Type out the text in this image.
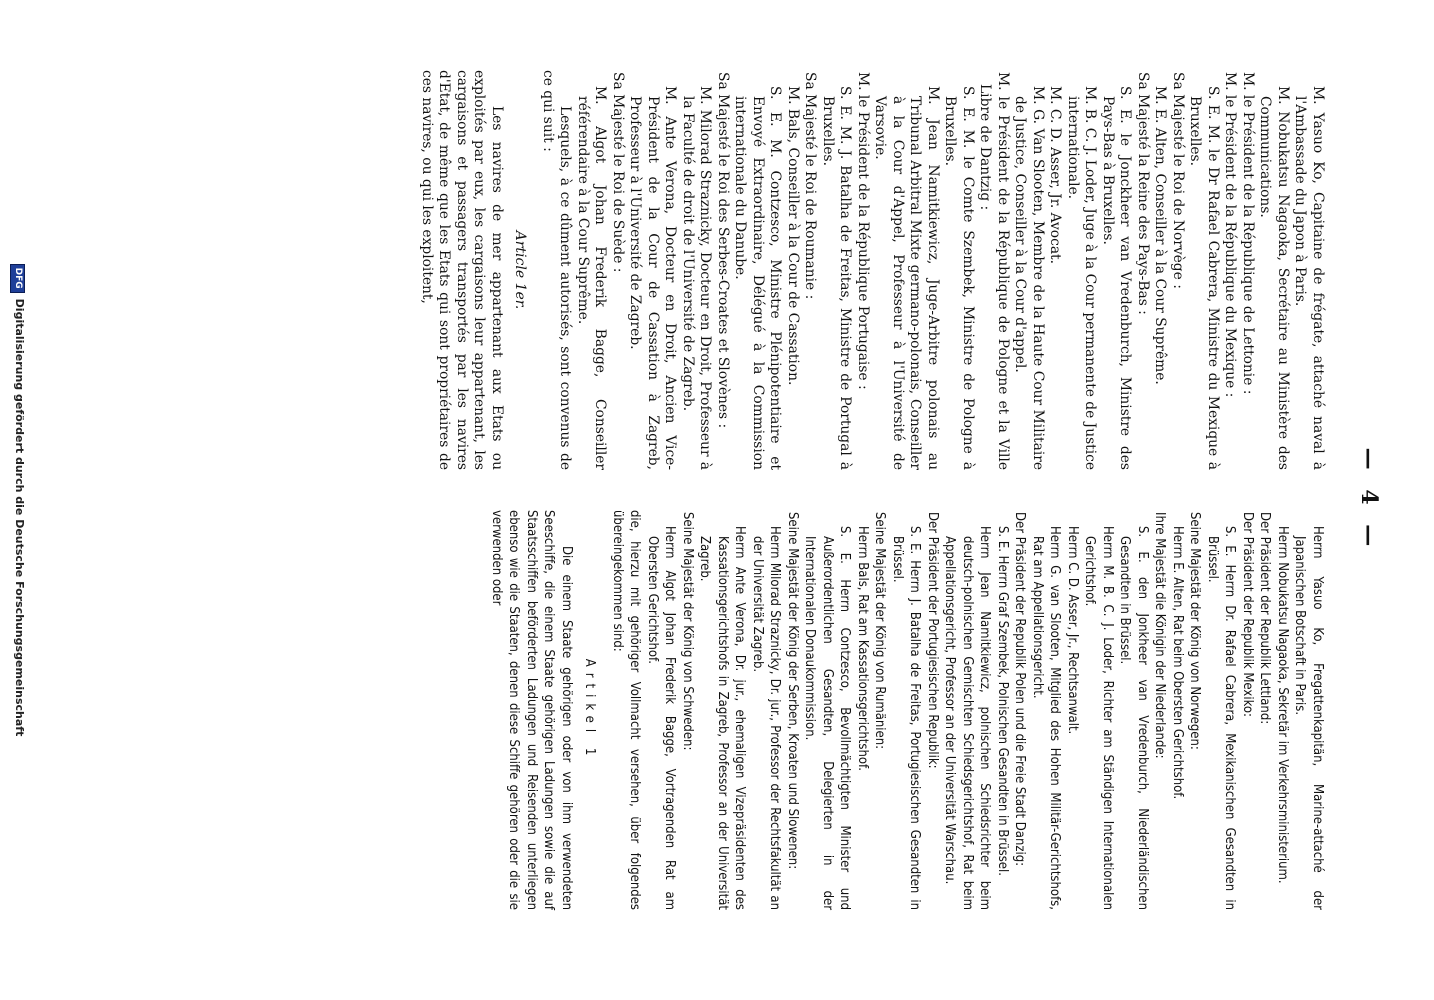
— 4 —

M. Yasuo Ko, Capitaine de frégate, attaché naval à l'Ambassade du Japon à Paris.

M. Nobukatsu Nagaoka, Secrétaire au Ministère des Communications.

M. le Président de la République de Lettonie :

M. le Président de la République du Mexique :

S. E. M. le Dr Rafael Cabrera, Ministre du Mexique à Bruxelles.

Sa Majesté le Roi de Norvège :

M. E. Alten, Conseiller à la Cour Suprême.

Sa Majesté la Reine des Pays-Bas :

S. E. le Jonckheer van Vredenburch, Ministre des Pays-Bas à Bruxelles.

M. B. C. J. Loder, Juge à la Cour permanente de Justice internationale.

M. C. D. Asser, Jr. Avocat.

M. G. Van Slooten, Membre de la Haute Cour Militaire de Justice, Conseiller à la Cour d'appel.

M. le Président de la République de Pologne et la Ville Libre de Dantzig :

S. E. M. le Comte Szembek, Ministre de Pologne à Bruxelles.

M. Jean Namitkiewicz, Juge-Arbitre polonais au Tribunal Arbitral Mixte germano-polonais, Conseiller à la Cour d'Appel, Professeur à l'Université de Varsovie.

M. le Président de la République Portugaise :

S. E. M. J. Batalha de Freitas, Ministre de Portugal à Bruxelles.

Sa Majesté le Roi de Roumanie :

M. Bals, Conseiller à la Cour de Cassation.

S. E. M. Contzesco, Ministre Plénipotentiaire et Envoyé Extraordinaire, Délégué à la Commission internationale du Danube.

Sa Majesté le Roi des Serbes-Croates et Slovènes :

M. Milorad Straznicky, Docteur en Droit, Professeur à la Faculté de droit de l'Université de Zagreb.

M. Ante Verona, Docteur en Droit, Ancien Vice-Président de la Cour de Cassation à Zagreb, Professeur à l'Université de Zagreb.

Sa Majesté le Roi de Suède :

M. Algot Johan Frederik Bagge, Conseiller référendaire à la Cour Suprême.

Lesquels, à ce dûment autorisés, sont convenus de ce qui suit :

Article 1er.

Les navires de mer appartenant aux Etats ou exploités par eux, les cargaisons leur appartenant, les cargaisons et passagers transportés par les navires d'Etat, de même que les Etats qui sont propriétaires de ces navires, ou qui les exploitent,

Herrn Yasuo Ko, Fregattenkapitän, Marine-attaché der Japanischen Botschaft in Paris.

Herrn Nobukatsu Nagaoka, Sekretär im Verkehrsministerium.

Der Präsident der Republik Lettland:

Der Präsident der Republik Mexiko:

S. E. Herrn Dr. Rafael Cabrera, Mexikanischen Gesandten in Brüssel.

Seine Majestät der König von Norwegen:

Herrn E. Alten, Rat beim Obersten Gerichtshof.

Ihre Majestät die Königin der Niederlande:

S. E. den Jonkheer van Vredenburch, Niederländischen Gesandten in Brüssel.

Herrn M. B. C. J. Loder, Richter am Ständigen Internationalen Gerichtshof.

Herrn C. D. Asser, Jr., Rechtsanwalt.

Herrn G. van Slooten, Mitglied des Hohen Militär-Gerichtshofs, Rat am Appellationsgericht.

Der Präsident der Republik Polen und die Freie Stadt Danzig:

S. E. Herrn Graf Szembek, Polnischen Gesandten in Brüssel.

Herrn Jean Namitkiewicz, polnischen Schiedsrichter beim deutsch-polnischen Gemischten Schiedsgerichtshof, Rat beim Appellationsgericht, Professor an der Universität Warschau.

Der Präsident der Portugiesischen Republik:

S. E. Herrn J. Batalha de Freitas, Portugiesischen Gesandten in Brüssel.

Seine Majestät der König von Rumänien:

Herrn Bals, Rat am Kassationsgerichtshof.

S. E. Herrn Contzesco, Bevollmächtigten Minister und Außerordentlichen Gesandten, Delegierten in der Internationalen Donaukommission.

Seine Majestät der König der Serben, Kroaten und Slowenen:

Herrn Milorad Straznicky, Dr. jur., Professor der Rechtsfakultät an der Universität Zagreb.

Herrn Ante Verona, Dr. jur., ehemaligen Vizepräsidenten des Kassationsgerichtshofs in Zagreb, Professor an der Universität Zagreb.

Seine Majestät der König von Schweden:

Herrn Algot Johan Frederik Bagge, Vortragenden Rat am Obersten Gerichtshof.

die, hierzu mit gehöriger Vollmacht versehen, über folgendes übereingekommen sind:

Artikel 1

Die einem Staate gehörigen oder von ihm verwendeten Seeschiffe, die einem Staate gehörigen Ladungen sowie die auf Staatsschiffen beförderten Ladungen und Reisenden unterliegen ebenso wie die Staaten, denen diese Schiffe gehören oder die sie verwenden oder

DFGDigitalisierung gefördert durch die Deutsche Forschungsgemeinschaft
